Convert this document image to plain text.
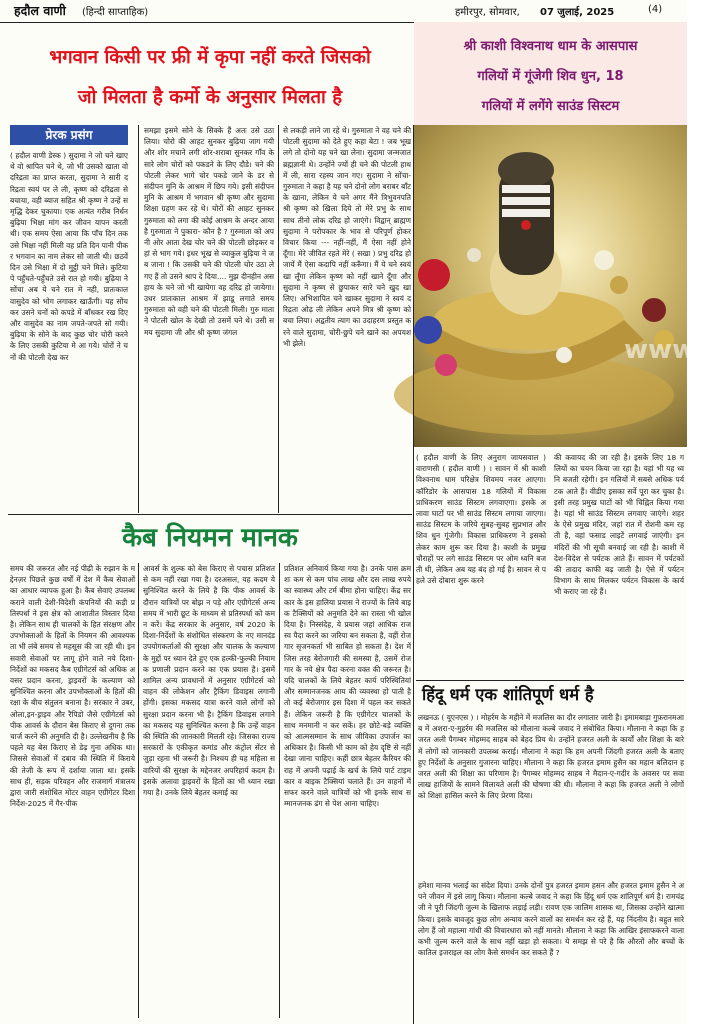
हदौल वाणी (हिन्दी साप्ताहिक)	हमीरपुर, सोमवार, 07 जुलाई, 2025	(4)
भगवान किसी पर फ्री में कृपा नहीं करते जिसको
जो मिलता है कर्मो के अनुसार मिलता है
श्री काशी विश्वनाथ धाम के आसपास
गलियों में गूंजेगी शिव धुन, 18
गलियों में लगेंगे साउंड सिस्टम
www.l
प्रेरक प्रसंग
( हदौल वाणी डेस्क ) सुदामा ने जो चने खाए थे वो श्रापित चने थे, जो भी उसको खाता वो दरिद्रता का प्राप्त करता, सुदामा ने सारी दरिद्रता स्वयं पर ले ली, कृष्ण को दरिद्रता से बचाया, वही ब्याज सहित श्री कृष्ण ने उन्हें समृद्धि देकर चुकाया। एक अत्यंत गरीब निर्धन बुढ़िया भिक्षा मांग कर जीवन यापन करती थी। एक समय ऐसा आया कि पाँच दिन तक उसे भिक्षा नहीं मिली वह प्रति दिन पानी पीकर भगवान का नाम लेकर सो जाती थी। छठवें दिन उसे भिक्षा में दो मुट्ठी चने मिले। कुटिया पे पहुँचते-पहुँचते उसे रात हो गयी। बुढ़िया ने सोंचा अब ये चने रात मे नही, प्रातःकाल वासुदेव को भोग लगाकर खाऊँगी। यह सोंचकर उसने चनों को कपडे में बाँधकर रख दिए और वासुदेव का नाम जपते-जपते सो गयी। बुढ़िया के सोने के बाद कुछ चोर चोरी करने के लिए उसकी कुटिया मे आ गये। चोरों ने चनों की पोटली देख कर
समझा इसमे सोने के सिक्के हैं अतः उसे उठा लिया। चोरो की आहट सुनकर बुढ़िया जाग गयी और शोर मचाने लगी शोर-शराबा सुनकर गाँव के सारे लोग चोरों को पकडने के लिए दौडे। चने की पोटली लेकर भागे चोर पकडे जाने के डर से संदीपन मुनि के आश्रम में छिप गये। इसी संदीपन मुनि के आश्रम में भगवान श्री कृष्ण और सुदामा शिक्षा ग्रहण कर रहे थे। चोरों की आहट सुनकर गुरुमाता को लगा की कोई आश्रम के अन्दर आया है गुरुमाता ने पुकारा- कौन है ? गुरुमाता को अपनी ओर आता देख चोर चने की पोटली छोड़कर वहां से भाग गये। इधर भूख से व्याकुल बुढ़िया ने जब जाना ! कि उसकी चने की पोटली चोर उठा ले गए हैं तो उसने श्राप दे दिया.... मुझ दीनहीन असहाय के चने जो भी खायेगा वह दरिद्र हो जायेगा। उधर प्रातःकाल आश्रम में झाडू लगाते समय गुरुमाता को वही चने की पोटली मिली। गुरु माता ने पोटली खोल के देखी तो उसमें चने थे। उसी समय सुदामा जी और श्री कृष्ण जंगल
से लकड़ी लाने जा रहे थे। गुरुमाता ने वह चने की पोटली सुदामा को देते हुए कहा बेटा ! जब भूख लगे तो दोनो यह चने खा लेना। सुदामा जन्मजात ब्रह्मज्ञानी थे। उन्होंने ज्यों ही चने की पोटली हाथ में ली, सारा रहस्य जान गए। सुदामा ने सोंचा- गुरुमाता ने कहा है यह चने दोनो लोग बराबर बाँट के खाना, लेकिन ये चने अगर मैंने त्रिभुवनपति श्री कृष्ण को खिला दिये तो मेरे प्रभु के साथ साथ तीनो लोक दरिद्र हो जाएंगे। विद्वान् ब्राह्मण सुदामा ने परोपकार के भाव से परिपूर्ण होकर विचार किया --- नहीं-नहीं, मैं ऐसा नहीं होने दूँगा। मेरे जीवित रहते मेरे ( सखा ) प्रभु दरिद्र हो जायें मैं ऐसा कदापि नहीं करूँगा। मैं ये चने स्वयं खा लूँगा लेकिन कृष्ण को नहीं खाने दूँगा और सुदामा ने कृष्ण से छुपाकर सारे चने खुद खा लिए। अभिशापित चने खाकर सुदामा ने स्वयं दरिद्रता ओढ़ ली लेकिन अपने मित्र श्री कृष्ण को बचा लिया। अद्वतीय त्याग का उदाहरण प्रस्तुत करने वाले सुदामा, चोरी-छुपे चने खाने का अपयश भी झेले।
( हदौल वाणी के लिए अनुराग जायसवाल ) वाराणसी ( हदौल वाणी ) । सावन में श्री काशी विश्वनाथ धाम परिक्षेत्र शिवमय नजर आएगा। कॉरिडोर के आसपास 18 गलियों में विकास प्राधिकरण साउंड सिस्टम लगवाएगा। इसके अलावा घाटों पर भी साउंड सिस्टम लगाया जाएगा। साउंड सिस्टम के जरिये सुबह-सुबह सुप्रभात और शिव धुन गूंजेगी। विकास प्राधिकरण ने इसको लेकर काम शुरू कर दिया है। काशी के प्रमुख चौराहों पर लगे साउंड सिस्टम पर ओम ध्वनि बजती थी, लेकिन अब यह बंद हो गई है। सावन से पहले उसे दोबारा शुरू करने
की कवायद की जा रही है। इसके लिए 18 गलियों का चयन किया जा रहा है। यहां भी यह ध्वनि बजती रहेगी। इन गलियों में सबसे अधिक पर्यटक आते हैं। वीडीए इसका सर्वे पूरा कर चुका है। इसी तरह प्रमुख घाटों को भी चिह्नित किया गया है। यहां भी साउंड सिस्टम लगवाए जाएंगे। शहर के ऐसे प्रमुख मंदिर, जहां रात में रोशनी कम रहती है, वहां फसाड लाइटें लगवाई जाएंगी। इन मंदिरों की भी सूची बनवाई जा रही है। काशी में देश-विदेश से पर्यटक आते हैं। सावन में पर्यटकों की तादाद काफी बढ़ जाती है। ऐसे में पर्यटन विभाग के साथ मिलकर पर्यटन विकास के कार्य भी कराए जा रहे हैं।
कैब नियमन मानक
समय की जरूरत और नई पीढ़ी के रुझान के मद्देनज़र पिछले कुछ वर्षों में देश में कैब सेवाओं का आधार व्यापक हुआ है। कैब सेवाएं उपलब्ध कराने वाली देशी-विदेशी कंपनियों की कड़ी प्रतिस्पर्धा ने इस क्षेत्र को आशातीत विस्तार दिया है। लेकिन साथ ही चालकों के हित संरक्षण और उपभोक्ताओं के हितों के नियमन की आवश्यकता भी लंबे समय से महसूस की जा रही थी। इन सवारी सेवाओं पर लागू होने वाले नये दिशा-निर्देशों का मकसद कैब एग्रीगेटर्स को अधिक अवसर प्रदान करना, ड्राइवरों के कल्याण को सुनिश्चित करना और उपभोक्ताओं के हितों की रक्षा के बीच संतुलन बनाना है। सरकार ने उबर,ओला,इन-ड्राइव और रैपिडो जैसे एग्रीगेटर्स को पीक आवर्स के दौरान बेस किराए से दुगना तक चार्ज करने की अनुमति दी है। उल्लेखनीय है कि पहले यह बेस किराए से डेढ़ गुना अधिक था। जिससे सेवाओं में दबाव की स्थिति में किराये की तेजी के रूप में दर्शाया जाता था। इसके साथ ही, सड़क परिवहन और राजमार्ग मंत्रालय द्वारा जारी संशोधित मोटर वाहन एग्रीगेटर दिशा निर्देश-2025 में गैर-पीक
आवर्स के शुल्क को बेस किराए से पचास प्रतिशत से कम नहीं रखा गया है। दरअसल, यह कदम ये सुनिश्चित करने के लिये है कि पीक आवर्स के दौरान यात्रियों पर बोझ न पड़े और एग्रीगेटर्स अन्य समय में भारी छूट के माध्यम से प्रतिस्पर्धा को कम न करें। केंद्र सरकार के अनुसार, वर्ष 2020 के दिशा-निर्देशों के संशोधित संस्करण के नए मानदंड उपयोगकर्ताओं की सुरक्षा और चालक के कल्याण के मुद्दों पर ध्यान देते हुए एक हल्की-फुल्की नियामक प्रणाली प्रदान करने का एक प्रयास है। इसमें शामिल अन्य प्रावधानों में अनुसार एग्रीगेटर्स को वाहन की लोकेशन और ट्रैकिंग डिवाइस लगानी होंगी। इसका मकसद यात्रा करने वाले लोगों को सुरक्षा प्रदान करना भी है। ट्रैकिंग डिवाइस लगाने का मकसद यह सुनिश्चित करना है कि उन्हें वाहन की स्थिति की जानकारी मिलती रहे। जिसका राज्य सरकारों के एकीकृत कमांड और कंट्रोल सेंटर से जुड़ा रहना भी जरूरी है। निश्चय ही यह महिला सवारियों की सुरक्षा के मद्देनजर अपरिहार्य कदम है। इसके अलावा ड्राइवरों के हितों का भी ध्यान रखा गया है। उनके लिये बेहतर कमाई का
प्रतिशत अनिवार्य किया गया है। उनके पास क्रमशः कम से कम पांच लाख और दस लाख रुपये का स्वास्थ्य और टर्म बीमा होना चाहिए। केंद्र सरकार के इस हालिया प्रयास ने राज्यों के लिये बाइक टैक्सियों को अनुमति देने का रास्ता भी खोल दिया है। निस्संदेह, ये प्रयास जहां आधिक राजस्व पैदा करने का जरिया बन सकता है, वहीं रोजगार सृजनकर्ता भी साबित हो सकता है। देश में जिस तरह बेरोजगारी की समस्या है, उसमें रोजगार के नये क्षेत्र पैदा करना वक्त की जरूरत है। यदि चालकों के लिये बेहतर कार्य परिस्थितियां और सम्मानजनक आय की व्यवस्था हो पाती है तो कई बेरोजगार इस दिशा में पहल कर सकते हैं। लेकिन जरूरी है कि एग्रीगेटर चालकों के साथ मनमानी न कर सकें। हर छोटे-बड़े व्यक्ति को आत्मसम्मान के साथ जीविका उपार्जन का अधिकार है। किसी भी काम को हेय दृष्टि से नहीं देखा जाना चाहिए। कहीं छात्र बेहतर कैरियर की राह में अपनी पढ़ाई के खर्च के लिये पार्ट टाइम कार व बाइक टैक्सियां चलाते हैं। उन वाहनों में सफर करने वाले यात्रियों को भी इनके साथ सम्मानजनक ढंग से पेश आना चाहिए।
हिंदू धर्म एक शांतिपूर्ण धर्म है
लखनऊ ( यूएनएस ) । मोहर्रम के महीने में मजलिस का दौर लगातार जारी है। इमामबाड़ा गुफ़रानमआब में अशरा-ए-मुहर्रम की मजलिस को मौलाना कल्बे जवाद ने संबोधित किया। मौलाना ने कहा कि हजरत अली पैगम्बर मोहम्मद साहब को बेहद प्रिय थे। उन्होंने हजरत अली के कार्यों और शिक्षा के बारे में लोगों को जानकारी उपलब्ध कराई। मौलाना ने कहा कि हम अपनी जिंदगी हजरत अली के बताए हुए निर्देशों के अनुसार गुजारना चाहिए। मौलाना ने कहा कि हजरत इमाम हुसैन का महान बलिदान हजरत अली की शिक्षा का परिणाम है। पैगम्बर मोहम्मद साहब ने मैदान-ए-गदीर के अवसर पर सवा लाख हाजियों के सामने विलायते अली की घोषणा की थी। मौलाना ने कहा कि हजरत अली ने लोगों को शिक्षा हासिल करने के लिए प्रेरणा दिया।
हमेशा मानव भलाई का संदेश दिया। उनके दोनों पुत्र हजरत इमाम हसन और हजरत इमाम हुसैन ने अपने जीवन में इसे लागू किया। मौलाना कल्बे जवाद ने कहा कि हिंदू धर्म एक शांतिपूर्ण धर्म है। रामचंद्र जी ने पूरी जिंदगी जुल्म के खिलाफ लड़ाई लड़ी। रावण एक जालिम शासक था, जिसका उन्होंने खात्मा किया। इसके बावजूद कुछ लोग अन्याय करने वालों का समर्थन कर रहे हैं, यह निंदनीय है। बहुत सारे लोग हैं जो महात्मा गांधी की विचारधारा को नहीं मानते। मौलाना ने कहा कि आखिर इंसाफकरने वाला कभी जुल्म करने वाले के साथ नहीं खड़ा हो सकता। ये समझ से परे है कि औरतों और बच्चों के कातिल इजराइल का लोग कैसे समर्थन कर सकते हैं ?
